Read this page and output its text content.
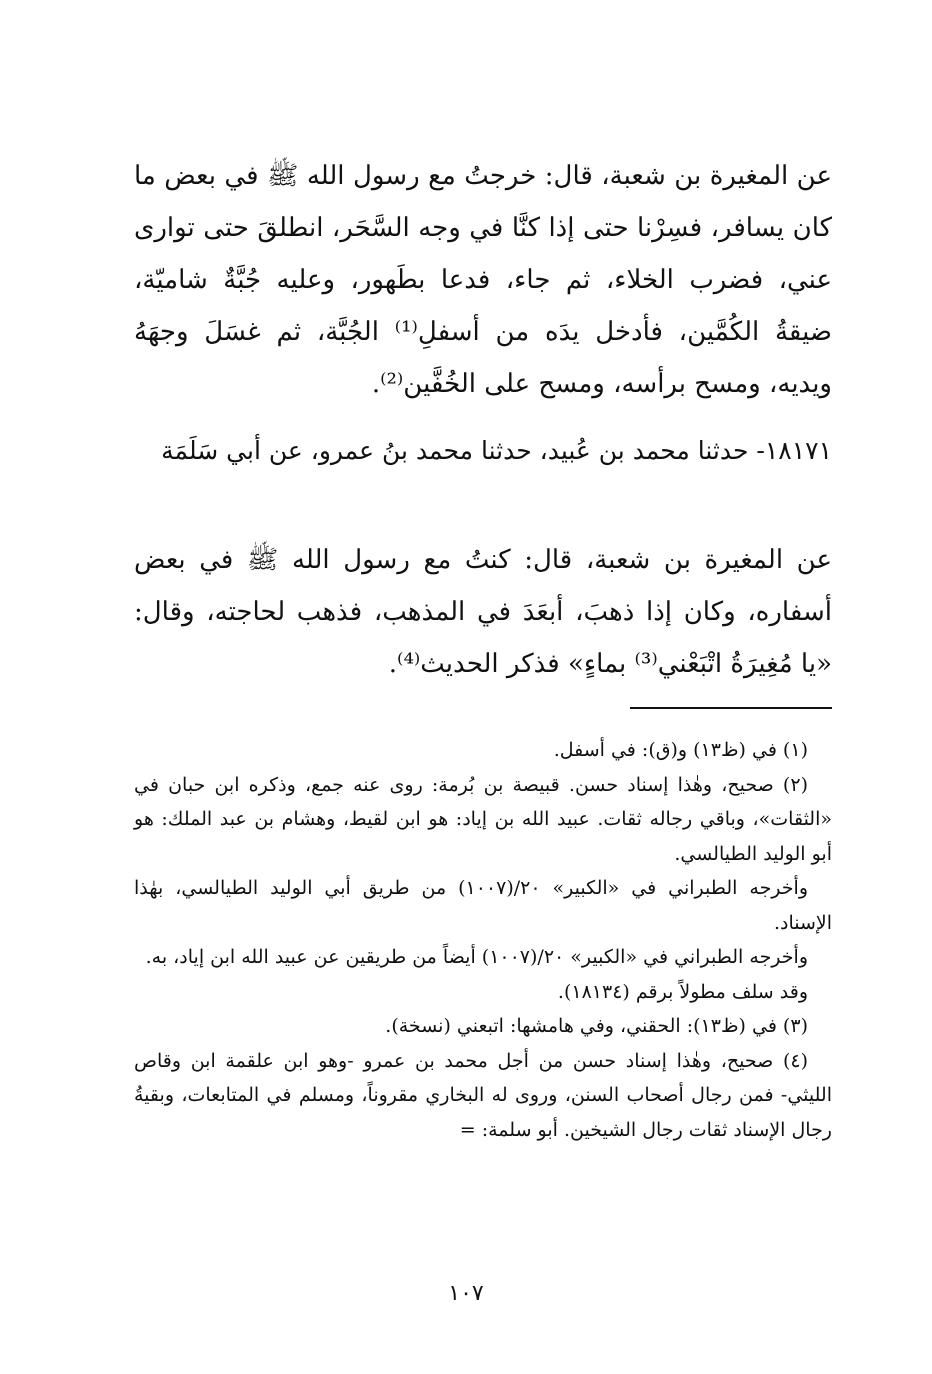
عن المغيرة بن شعبة، قال: خرجتُ مع رسول الله ﷺ في بعض ما كان يسافر، فسِرْنا حتى إذا كنَّا في وجه السَّحَر، انطلقَ حتى توارى عني، فضرب الخلاء، ثم جاء، فدعا بطَهور، وعليه جُبَّةٌ شاميّة، ضيقةُ الكُمَّين، فأدخل يدَه من أسفلِ⁽¹⁾ الجُبَّة، ثم غسَلَ وجهَهُ ويديه، ومسح برأسه، ومسح على الخُفَّين⁽²⁾.

١٨١٧١- حدثنا محمد بن عُبيد، حدثنا محمد بنُ عمرو، عن أبي سَلَمَة

عن المغيرة بن شعبة، قال: كنتُ مع رسول الله ﷺ في بعض أسفاره، وكان إذا ذهبَ، أبعَدَ في المذهب، فذهب لحاجته، وقال: «يا مُغِيرَةُ اتْبَعْني⁽³⁾ بماءٍ» فذكر الحديث⁽⁴⁾.

(١) في (ظ١٣) و(ق): في أسفل.

(٢) صحيح، وهٰذا إسناد حسن. قبيصة بن بُرمة: روى عنه جمع، وذكره ابن حبان في «الثقات»، وباقي رجاله ثقات. عبيد الله بن إياد: هو ابن لقيط، وهشام بن عبد الملك: هو أبو الوليد الطيالسي.

وأخرجه الطبراني في «الكبير» ٢٠/(١٠٠٧) من طريق أبي الوليد الطيالسي، بهٰذا الإسناد.

وأخرجه الطبراني في «الكبير» ٢٠/(١٠٠٧) أيضاً من طريقين عن عبيد الله ابن إياد، به.

وقد سلف مطولاً برقم (١٨١٣٤).

(٣) في (ظ١٣): الحقني، وفي هامشها: اتبعني (نسخة).

(٤) صحيح، وهٰذا إسناد حسن من أجل محمد بن عمرو -وهو ابن علقمة ابن وقاص الليثي- فمن رجال أصحاب السنن، وروى له البخاري مقروناً، ومسلم في المتابعات، وبقيةُ رجال الإسناد ثقات رجال الشيخين. أبو سلمة: =

١٠٧
